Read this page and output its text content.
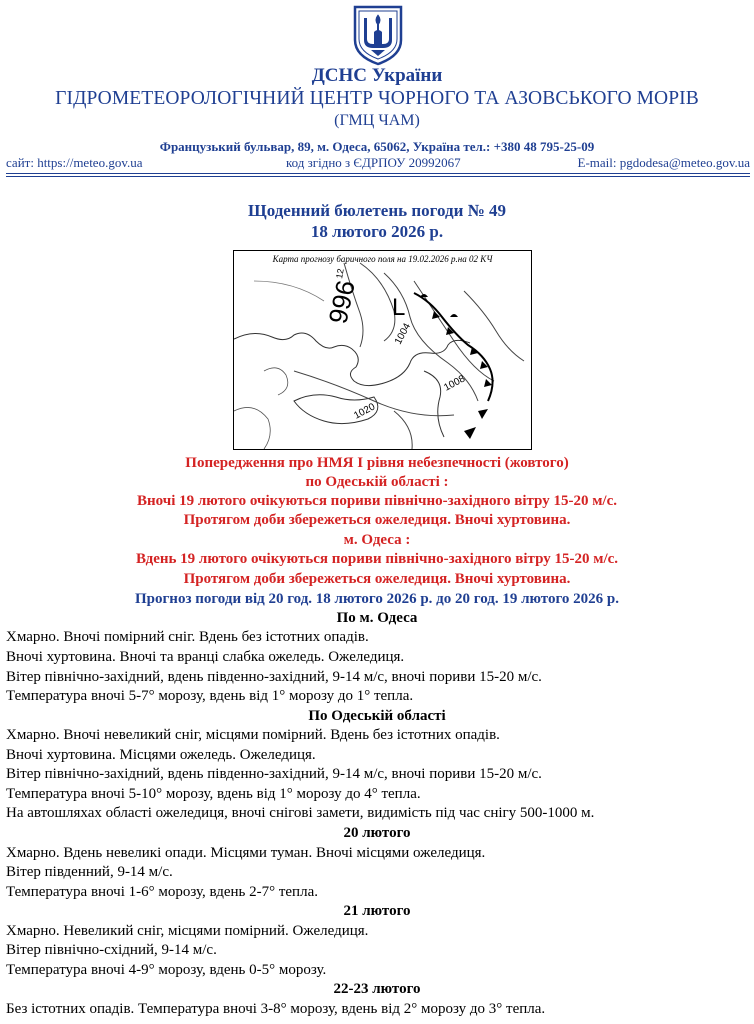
ДСНС України
ГІДРОМЕТЕОРОЛОГІЧНИЙ ЦЕНТР ЧОРНОГО ТА АЗОВСЬКОГО МОРІВ
(ГМЦ ЧАМ)
Французький бульвар, 89, м. Одеса, 65062, Україна тел.: +380 48 795-25-09
сайт: https://meteo.gov.ua	код згідно з ЄДРПОУ 20992067	E-mail: pgdodesa@meteo.gov.ua
Щоденний бюлетень погоди № 49
18 лютого 2026 р.
996 L
1004
1008
1020
12
Карта прогнозу баричного поля на 19.02.2026 р.на 02 КЧ
Попередження про НМЯ І рівня небезпечності (жовтого)
по Одеській області :
Вночі 19 лютого очікуються пориви північно-західного вітру 15-20 м/с.
Протягом доби збережеться ожеледиця. Вночі хуртовина.
м. Одеса :
Вдень 19 лютого очікуються пориви північно-західного вітру 15-20 м/с.
Протягом доби збережеться ожеледиця. Вночі хуртовина.
Прогноз погоди від 20 год. 18 лютого 2026 р. до 20 год. 19 лютого 2026 р.
По м. Одеса
Хмарно. Вночі помірний сніг. Вдень без істотних опадів.
Вночі хуртовина. Вночі та вранці слабка ожеледь. Ожеледиця.
Вітер північно-західний, вдень південно-західний, 9-14 м/с, вночі пориви 15-20 м/с.
Температура вночі 5-7° морозу, вдень від 1° морозу до 1° тепла.
По Одеській області
Хмарно. Вночі невеликий сніг, місцями помірний. Вдень без істотних опадів.
Вночі хуртовина. Місцями ожеледь. Ожеледиця.
Вітер північно-західний, вдень південно-західний, 9-14 м/с, вночі пориви 15-20 м/с.
Температура вночі 5-10° морозу, вдень від 1° морозу до 4° тепла.
На автошляхах області ожеледиця, вночі снігові замети, видимість під час снігу 500-1000 м.
20 лютого
Хмарно. Вдень невеликі опади. Місцями туман. Вночі місцями ожеледиця.
Вітер південний, 9-14 м/с.
Температура вночі 1-6° морозу, вдень 2-7° тепла.
21 лютого
Хмарно. Невеликий сніг, місцями помірний. Ожеледиця.
Вітер північно-східний, 9-14 м/с.
Температура вночі 4-9° морозу, вдень 0-5° морозу.
22-23 лютого
Без істотних опадів. Температура вночі 3-8° морозу, вдень від 2° морозу до 3° тепла.
